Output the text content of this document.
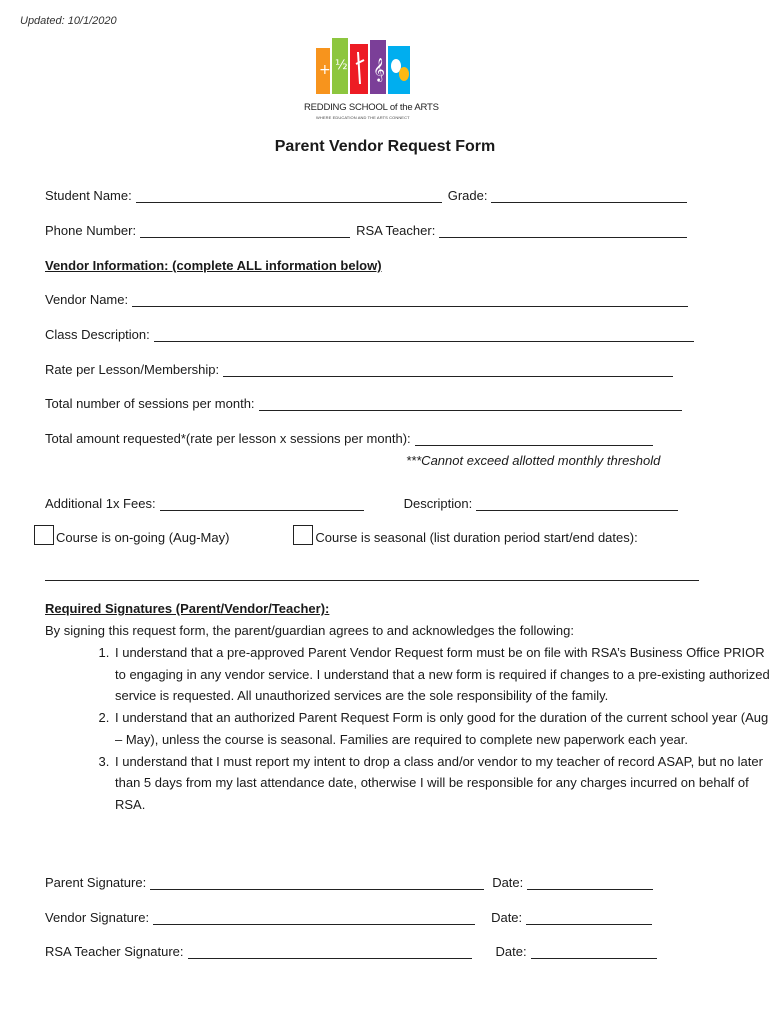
Updated: 10/1/2020
+ ½ 𝄞
REDDING SCHOOL of the ARTS
WHERE EDUCATION AND THE ARTS CONNECT
Parent Vendor Request Form
Student Name:	Grade:
Phone Number:	RSA Teacher:
Vendor Information: (complete ALL information below)
Vendor Name:
Class Description:
Rate per Lesson/Membership:
Total number of sessions per month:
Total amount requested*(rate per lesson x sessions per month):
***Cannot exceed allotted monthly threshold
Additional 1x Fees:	Description:
Course is on-going (Aug-May)	Course is seasonal (list duration period start/end dates):
Required Signatures (Parent/Vendor/Teacher):
By signing this request form, the parent/guardian agrees to and acknowledges the following:
1. I understand that a pre-approved Parent Vendor Request form must be on file with RSA’s Business Office PRIOR to engaging in any vendor service. I understand that a new form is required if changes to a pre-existing authorized service is requested. All unauthorized services are the sole responsibility of the family.
2. I understand that an authorized Parent Request Form is only good for the duration of the current school year (Aug – May), unless the course is seasonal. Families are required to complete new paperwork each year.
3. I understand that I must report my intent to drop a class and/or vendor to my teacher of record ASAP, but no later than 5 days from my last attendance date, otherwise I will be responsible for any charges incurred on behalf of RSA.
Parent Signature:	Date:
Vendor Signature:	Date:
RSA Teacher Signature:	Date:
